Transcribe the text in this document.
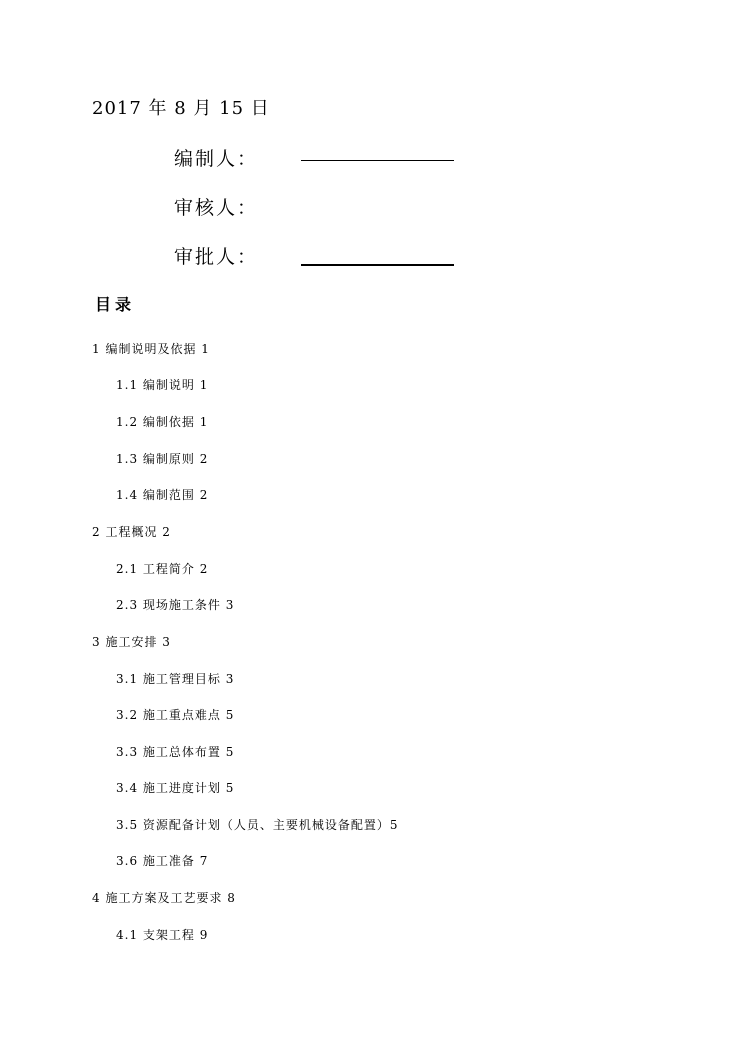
2017 年 8 月 15 日
编制人：
审核人：
审批人：
目录
1 编制说明及依据 1
1.1 编制说明 1
1.2 编制依据 1
1.3 编制原则 2
1.4 编制范围 2
2 工程概况 2
2.1 工程简介 2
2.3 现场施工条件 3
3 施工安排 3
3.1 施工管理目标 3
3.2 施工重点难点 5
3.3 施工总体布置 5
3.4 施工进度计划 5
3.5 资源配备计划（人员、主要机械设备配置）5
3.6 施工准备 7
4 施工方案及工艺要求 8
4.1 支架工程 9
